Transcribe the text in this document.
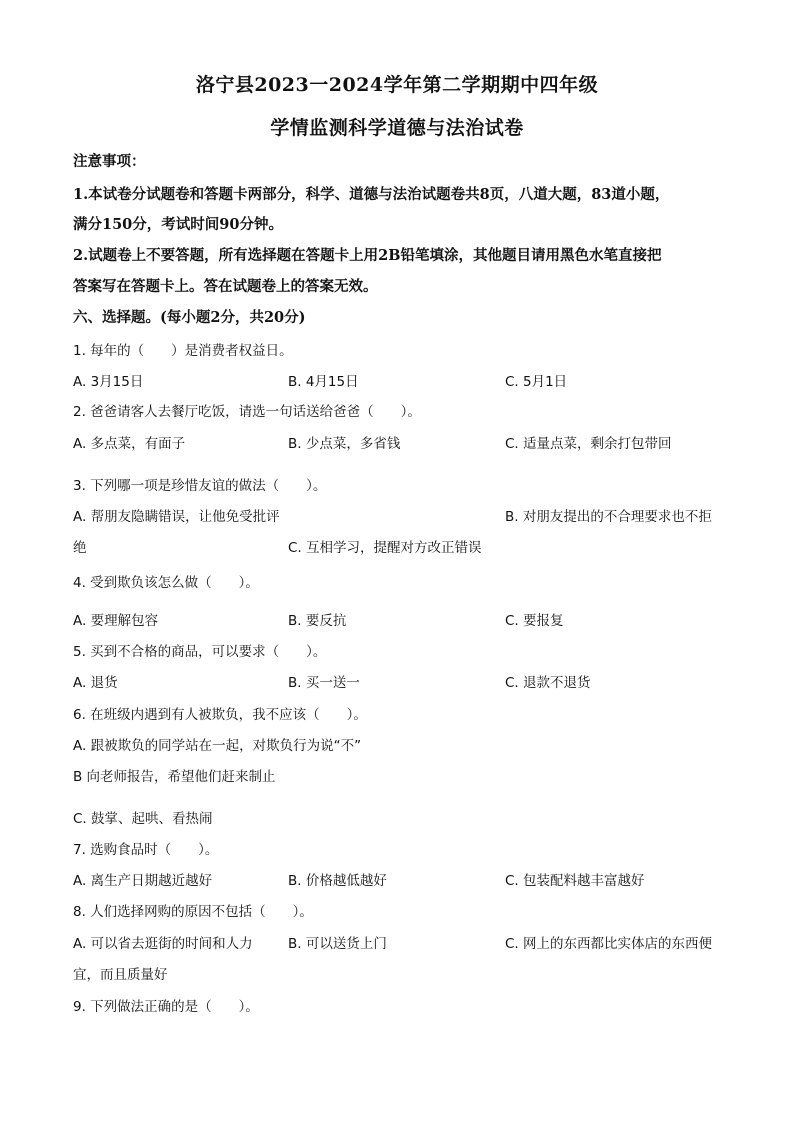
洛宁县2023一2024学年第二学期期中四年级
学情监测科学道德与法治试卷
注意事项：
1.本试卷分试题卷和答题卡两部分，科学、道德与法治试题卷共8页，八道大题，83道小题，
满分150分，考试时间90分钟。
2.试题卷上不要答题，所有选择题在答题卡上用2B铅笔填涂，其他题目请用黑色水笔直接把
答案写在答题卡上。答在试题卷上的答案无效。
六、选择题。(每小题2分，共20分)
1. 每年的（　　）是消费者权益日。
A. 3月15日	B. 4月15日	C. 5月1日
2. 爸爸请客人去餐厅吃饭，请选一句话送给爸爸（　　）。
A. 多点菜，有面子	B. 少点菜，多省钱	C. 适量点菜，剩余打包带回
3. 下列哪一项是珍惜友谊的做法（　　）。
A. 帮朋友隐瞒错误，让他免受批评	B. 对朋友提出的不合理要求也不拒
绝	C. 互相学习，提醒对方改正错误
4. 受到欺负该怎么做（　　）。
A. 要理解包容	B. 要反抗	C. 要报复
5. 买到不合格的商品，可以要求（　　）。
A. 退货	B. 买一送一	C. 退款不退货
6. 在班级内遇到有人被欺负，我不应该（　　）。
A. 跟被欺负的同学站在一起，对欺负行为说“不”
B 向老师报告，希望他们赶来制止
C. 鼓掌、起哄、看热闹
7. 选购食品时（　　）。
A. 离生产日期越近越好	B. 价格越低越好	C. 包装配料越丰富越好
8. 人们选择网购的原因不包括（　　）。
A. 可以省去逛街的时间和人力	B. 可以送货上门	C. 网上的东西都比实体店的东西便
宜，而且质量好
9. 下列做法正确的是（　　）。
